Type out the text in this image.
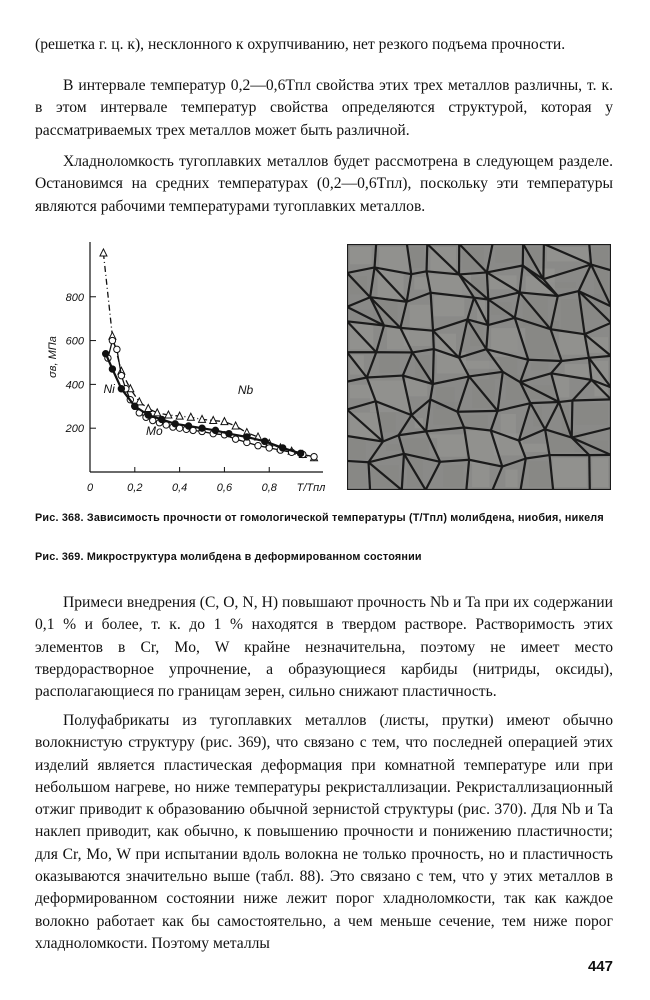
(решетка г. ц. к), несклонного к охрупчиванию, нет резкого подъема прочности.

В интервале температур 0,2—0,6Tпл свойства этих трех металлов различны, т. к. в этом интервале температур свойства определяются структурой, которая у рассматриваемых трех металлов может быть различной.

Хладноломкость тугоплавких металлов будет рассмотрена в следующем разделе. Остановимся на средних температурах (0,2—0,6Tпл), поскольку эти температуры являются рабочими температурами тугоплавких металлов.

200
400
600
800
0	0,2	0,4	0,6	0,8 T/Tпл
σв, МПа
Ni
Mo
Nb

Рис. 368. Зависимость прочности от гомологической температуры (T/Tпл) молибдена, ниобия, никеля

Рис. 369. Микроструктура молибдена в деформированном состоянии

Примеси внедрения (C, O, N, H) повышают прочность Nb и Ta при их содержании 0,1 % и более, т. к. до 1 % находятся в твердом растворе. Растворимость этих элементов в Cr, Mo, W крайне незначительна, поэтому не имеет место твердорастворное упрочнение, а образующиеся карбиды (нитриды, оксиды), располагающиеся по границам зерен, сильно снижают пластичность.

Полуфабрикаты из тугоплавких металлов (листы, прутки) имеют обычно волокнистую структуру (рис. 369), что связано с тем, что последней операцией этих изделий является пластическая деформация при комнатной температуре или при небольшом нагреве, но ниже температуры рекристаллизации. Рекристаллизационный отжиг приводит к образованию обычной зернистой структуры (рис. 370). Для Nb и Ta наклеп приводит, как обычно, к повышению прочности и понижению пластичности; для Cr, Mo, W при испытании вдоль волокна не только прочность, но и пластичность оказываются значительно выше (табл. 88). Это связано с тем, что у этих металлов в деформированном состоянии ниже лежит порог хладноломкости, так как каждое волокно работает как бы самостоятельно, а чем меньше сечение, тем ниже порог хладноломкости. Поэтому металлы

447
